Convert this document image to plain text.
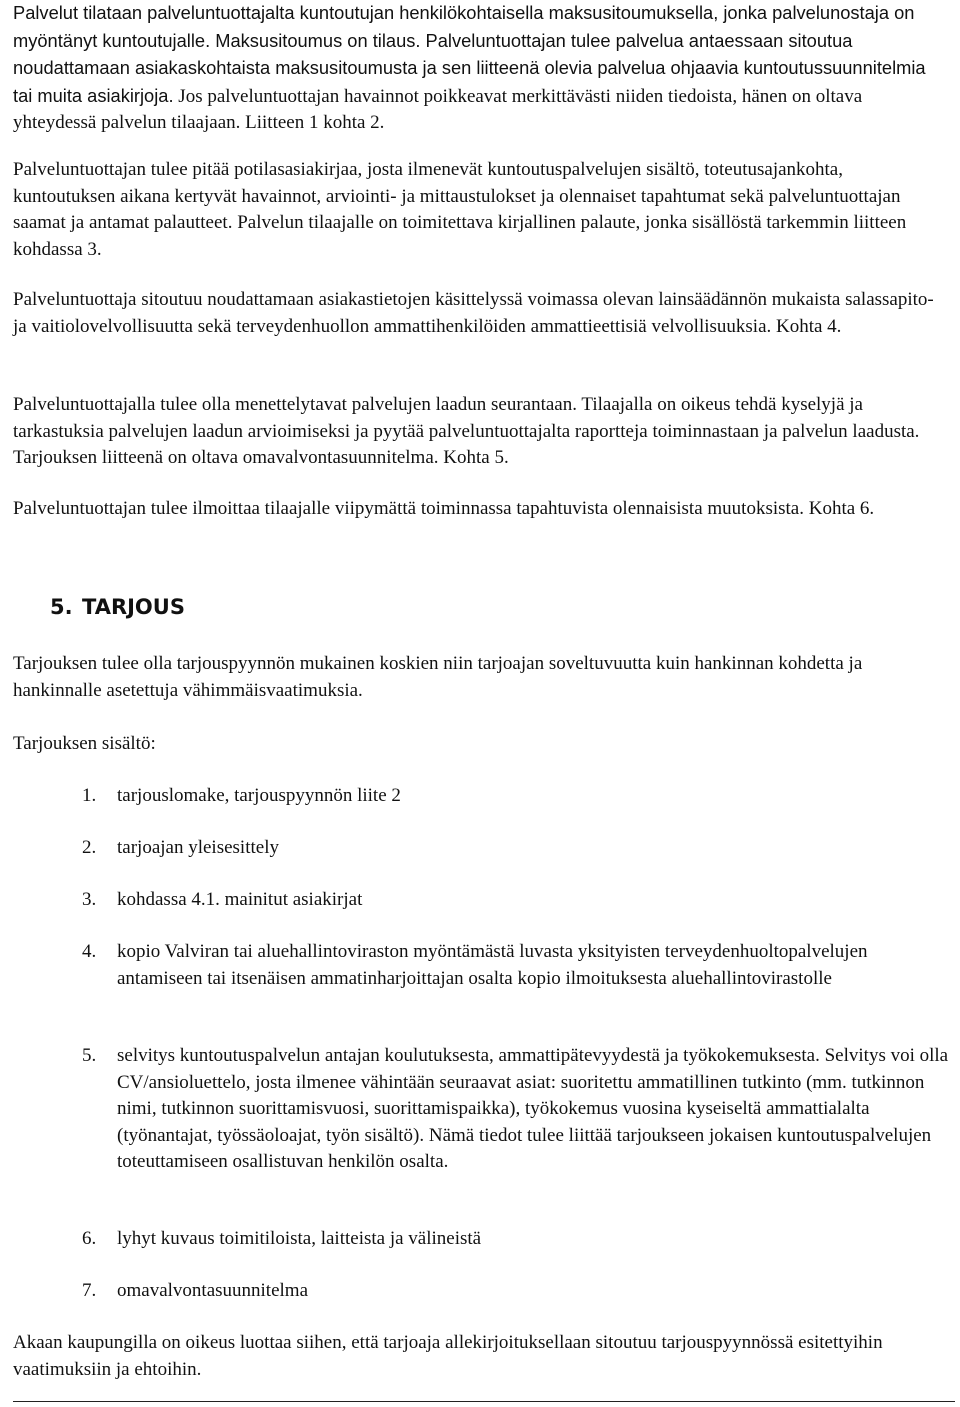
Palvelut tilataan palveluntuottajalta kuntoutujan henkilökohtaisella maksusitoumuksella, jonka palvelunostaja on myöntänyt kuntoutujalle. Maksusitoumus on tilaus. Palveluntuottajan tulee palvelua antaessaan sitoutua noudattamaan asiakaskohtaista maksusitoumusta ja sen liitteenä olevia palvelua ohjaavia kuntoutussuunnitelmia tai muita asiakirjoja. Jos palveluntuottajan havainnot poikkeavat merkittävästi niiden tiedoista, hänen on oltava yhteydessä palvelun tilaajaan. Liitteen 1 kohta 2.

Palveluntuottajan tulee pitää potilasasiakirjaa, josta ilmenevät kuntoutuspalvelujen sisältö, toteutusajankohta, kuntoutuksen aikana kertyvät havainnot, arviointi- ja mittaustulokset ja olennaiset tapahtumat sekä palveluntuottajan saamat ja antamat palautteet. Palvelun tilaajalle on toimitettava kirjallinen palaute, jonka sisällöstä tarkemmin liitteen kohdassa 3.

Palveluntuottaja sitoutuu noudattamaan asiakastietojen käsittelyssä voimassa olevan lainsäädännön mukaista salassapito- ja vaitiolovelvollisuutta sekä terveydenhuollon ammattihenkilöiden ammattieettisiä velvollisuuksia. Kohta 4.

Palveluntuottajalla tulee olla menettelytavat palvelujen laadun seurantaan. Tilaajalla on oikeus tehdä kyselyjä ja tarkastuksia palvelujen laadun arvioimiseksi ja pyytää palveluntuottajalta raportteja toiminnastaan ja palvelun laadusta. Tarjouksen liitteenä on oltava omavalvontasuunnitelma. Kohta 5.

Palveluntuottajan tulee ilmoittaa tilaajalle viipymättä toiminnassa tapahtuvista olennaisista muutoksista. Kohta 6.

5. TARJOUS

Tarjouksen tulee olla tarjouspyynnön mukainen koskien niin tarjoajan soveltuvuutta kuin hankinnan kohdetta ja hankinnalle asetettuja vähimmäisvaatimuksia.

Tarjouksen sisältö:

1.	tarjouslomake, tarjouspyynnön liite 2
2.	tarjoajan yleisesittely
3.	kohdassa 4.1. mainitut asiakirjat
4.	kopio Valviran tai aluehallintoviraston myöntämästä luvasta yksityisten terveydenhuoltopalvelujen antamiseen tai itsenäisen ammatinharjoittajan osalta kopio ilmoituksesta aluehallintovirastolle
5.	selvitys kuntoutuspalvelun antajan koulutuksesta, ammattipätevyydestä ja työkokemuksesta. Selvitys voi olla CV/ansioluettelo, josta ilmenee vähintään seuraavat asiat: suoritettu ammatillinen tutkinto (mm. tutkinnon nimi, tutkinnon suorittamisvuosi, suorittamispaikka), työkokemus vuosina kyseiseltä ammattialalta (työnantajat, työssäoloajat, työn sisältö). Nämä tiedot tulee liittää tarjoukseen jokaisen kuntoutuspalvelujen toteuttamiseen osallistuvan henkilön osalta.
6.	lyhyt kuvaus toimitiloista, laitteista ja välineistä
7.	omavalvontasuunnitelma

Akaan kaupungilla on oikeus luottaa siihen, että tarjoaja allekirjoituksellaan sitoutuu tarjouspyynnössä esitettyihin vaatimuksiin ja ehtoihin.
